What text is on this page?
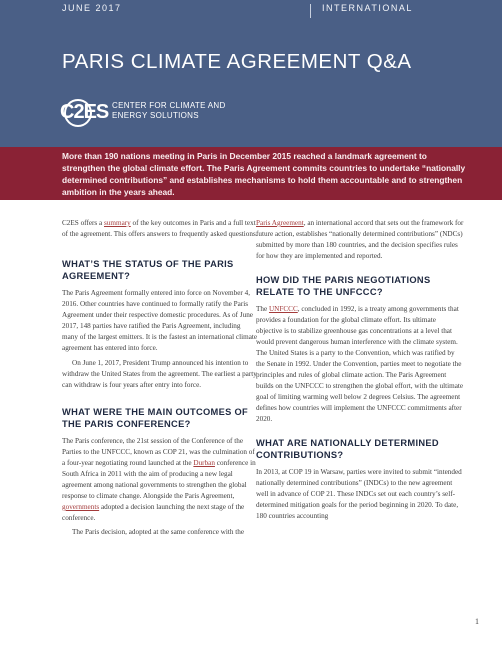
JUNE 2017	INTERNATIONAL
PARIS CLIMATE AGREEMENT Q&A
C2ES CENTER FOR CLIMATE AND ENERGY SOLUTIONS
More than 190 nations meeting in Paris in December 2015 reached a landmark agreement to strengthen the global climate effort. The Paris Agreement commits countries to undertake “nationally determined contributions” and establishes mechanisms to hold them accountable and to strengthen ambition in the years ahead.

C2ES offers a summary of the key outcomes in Paris and a full text of the agreement. This offers answers to frequently asked questions.

WHAT’S THE STATUS OF THE PARIS AGREEMENT?

The Paris Agreement formally entered into force on November 4, 2016. Other countries have continued to formally ratify the Paris Agreement under their respective domestic procedures. As of June 2017, 148 parties have ratified the Paris Agreement, including many of the largest emitters. It is the fastest an international climate agreement has entered into force.

On June 1, 2017, President Trump announced his intention to withdraw the United States from the agreement. The earliest a party can withdraw is four years after entry into force.

WHAT WERE THE MAIN OUTCOMES OF THE PARIS CONFERENCE?

The Paris conference, the 21st session of the Conference of the Parties to the UNFCCC, known as COP 21, was the culmination of a four-year negotiating round launched at the Durban conference in South Africa in 2011 with the aim of producing a new legal agreement among national governments to strengthen the global response to climate change. Alongside the Paris Agreement, governments adopted a decision launching the next stage of the conference.

The Paris decision, adopted at the same conference with the

Paris Agreement, an international accord that sets out the framework for future action, establishes “nationally determined contributions” (NDCs) submitted by more than 180 countries, and the decision specifies rules for how they are implemented and reported.

HOW DID THE PARIS NEGOTIATIONS RELATE TO THE UNFCCC?

The UNFCCC, concluded in 1992, is a treaty among governments that provides a foundation for the global climate effort. Its ultimate objective is to stabilize greenhouse gas concentrations at a level that would prevent dangerous human interference with the climate system. The United States is a party to the Convention, which was ratified by the Senate in 1992. Under the Convention, parties meet to negotiate the principles and rules of global climate action. The Paris Agreement builds on the UNFCCC to strengthen the global effort, with the ultimate goal of limiting warming well below 2 degrees Celsius. The agreement defines how countries will implement the UNFCCC commitments after 2020.

WHAT ARE NATIONALLY DETERMINED CONTRIBUTIONS?

In 2013, at COP 19 in Warsaw, parties were invited to submit “intended nationally determined contributions” (INDCs) to the new agreement well in advance of COP 21. These INDCs set out each country’s self-determined mitigation goals for the period beginning in 2020. To date, 180 countries accounting

1
